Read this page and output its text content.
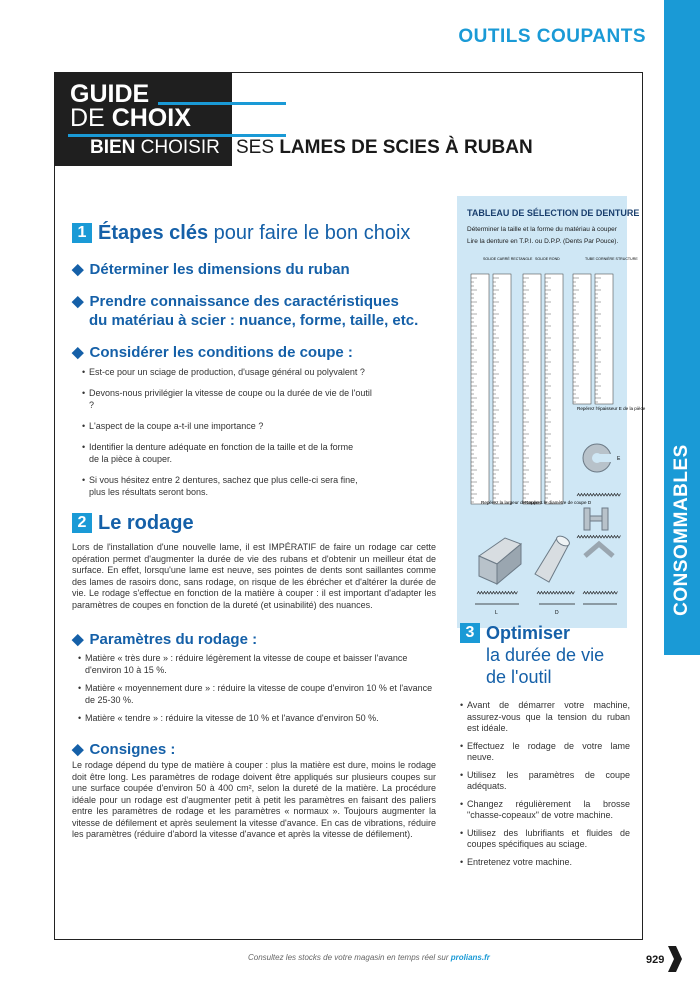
OUTILS COUPANTS
CONSOMMABLES
GUIDE
DE CHOIX
BIEN CHOISIR SES LAMES DE SCIES À RUBAN
1 Étapes clés pour faire le bon choix
◆ Déterminer les dimensions du ruban
◆ Prendre connaissance des caractéristiques
du matériau à scier : nuance, forme, taille, etc.
◆ Considérer les conditions de coupe :
• Est-ce pour un sciage de production, d'usage général ou polyvalent ?
• Devons-nous privilégier la vitesse de coupe ou la durée de vie de l'outil ?
• L'aspect de la coupe a-t-il une importance ?
• Identifier la denture adéquate en fonction de la taille et de la forme de la pièce à couper.
• Si vous hésitez entre 2 dentures, sachez que plus celle-ci sera fine, plus les résultats seront bons.
2 Le rodage
Lors de l'installation d'une nouvelle lame, il est IMPÉRATIF de faire un rodage car cette opération permet d'augmenter la durée de vie des rubans et d'obtenir un meilleur état de surface. En effet, lorsqu'une lame est neuve, ses pointes de dents sont saillantes comme des lames de rasoirs donc, sans rodage, on risque de les ébrécher et d'altérer la durée de vie. Le rodage s'effectue en fonction de la matière à couper : il est important d'adapter les paramètres de coupes en fonction de la dureté (et usinabilité) des nuances.
◆ Paramètres du rodage :
• Matière « très dure » : réduire légèrement la vitesse de coupe et baisser l'avance d'environ 10 à 15 %.
• Matière « moyennement dure » : réduire la vitesse de coupe d'environ 10 % et l'avance de 25-30 %.
• Matière « tendre » : réduire la vitesse de 10 % et l'avance d'environ 50 %.
◆ Consignes :
Le rodage dépend du type de matière à couper : plus la matière est dure, moins le rodage doit être long. Les paramètres de rodage doivent être appliqués sur plusieurs coupes sur une surface coupée d'environ 50 à 400 cm², selon la dureté de la matière. La procédure idéale pour un rodage est d'augmenter petit à petit les paramètres en faisant des paliers entre les paramètres de rodage et les paramètres « normaux ». Toujours augmenter la vitesse de défilement et après seulement la vitesse d'avance. En cas de vibrations, réduire les paramètres (réduire d'abord la vitesse d'avance et après la vitesse de défilement).
TABLEAU DE SÉLECTION DE DENTURE
Déterminer la taille et la forme du matériau à couper
Lire la denture en T.P.I. ou D.P.P. (Dents Par Pouce).
SOLIDE CARRÉ RECTANGLE SOLIDE ROND	TUBE CORNIÈRE STRUCTURE
Repérez la largeur de coupe L
Repérez le diamètre de coupe D
Repérez l'épaisseur E de la pièce
E
L	D
3 Optimiser
la durée de vie
de l'outil
• Avant de démarrer votre machine, assurez-vous que la tension du ruban est idéale.
• Effectuez le rodage de votre lame neuve.
• Utilisez les paramètres de coupe adéquats.
• Changez régulièrement la brosse "chasse-copeaux" de votre machine.
• Utilisez des lubrifiants et fluides de coupes spécifiques au sciage.
• Entretenez votre machine.
Consultez les stocks de votre magasin en temps réel sur prolians.fr	929
